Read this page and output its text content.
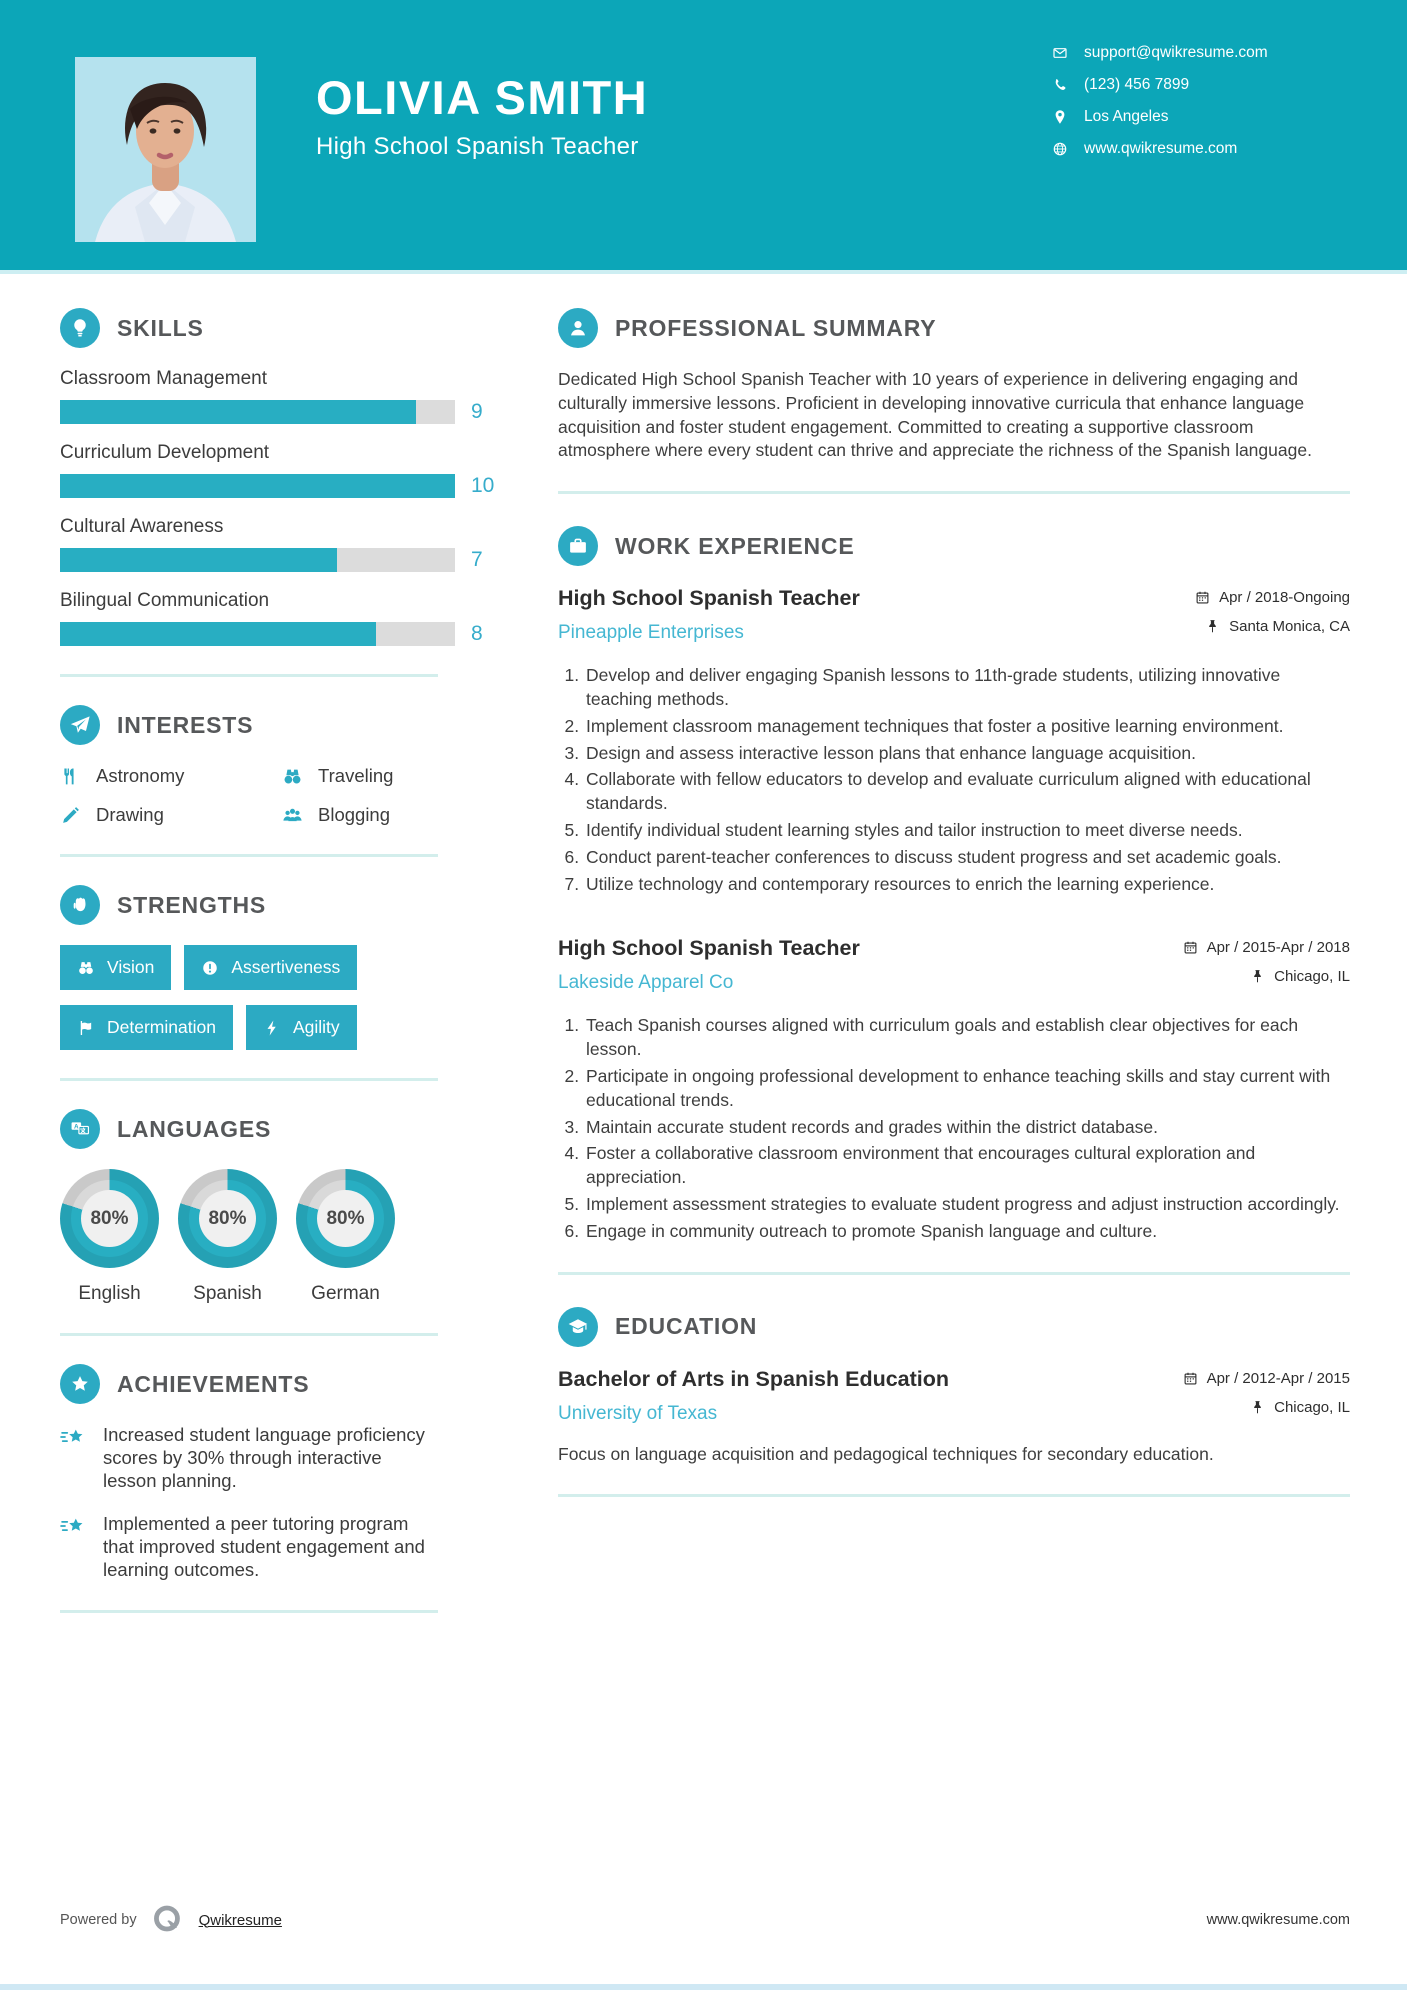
OLIVIA SMITH
High School Spanish Teacher
support@qwikresume.com
(123) 456 7899
Los Angeles
www.qwikresume.com
SKILLS
Classroom Management
9
Curriculum Development
10
Cultural Awareness
7
Bilingual Communication
8
INTERESTS
Astronomy	Traveling
Drawing	Blogging
STRENGTHS
Vision	Assertiveness
Determination	Agility
A LANGUAGES
80%
English
80%
Spanish
80%
German
ACHIEVEMENTS
Increased student language proficiency scores by 30% through interactive lesson planning.
Implemented a peer tutoring program that improved student engagement and learning outcomes.
PROFESSIONAL SUMMARY

Dedicated High School Spanish Teacher with 10 years of experience in delivering engaging and culturally immersive lessons. Proficient in developing innovative curricula that enhance language acquisition and foster student engagement. Committed to creating a supportive classroom atmosphere where every student can thrive and appreciate the richness of the Spanish language.

WORK EXPERIENCE
High School Spanish Teacher
Pineapple Enterprises
Apr / 2018-Ongoing
Santa Monica, CA
1. Develop and deliver engaging Spanish lessons to 11th-grade students, utilizing innovative teaching methods.
2. Implement classroom management techniques that foster a positive learning environment.
3. Design and assess interactive lesson plans that enhance language acquisition.
4. Collaborate with fellow educators to develop and evaluate curriculum aligned with educational standards.
5. Identify individual student learning styles and tailor instruction to meet diverse needs.
6. Conduct parent-teacher conferences to discuss student progress and set academic goals.
7. Utilize technology and contemporary resources to enrich the learning experience.
High School Spanish Teacher
Lakeside Apparel Co
Apr / 2015-Apr / 2018
Chicago, IL
1. Teach Spanish courses aligned with curriculum goals and establish clear objectives for each lesson.
2. Participate in ongoing professional development to enhance teaching skills and stay current with educational trends.
3. Maintain accurate student records and grades within the district database.
4. Foster a collaborative classroom environment that encourages cultural exploration and appreciation.
5. Implement assessment strategies to evaluate student progress and adjust instruction accordingly.
6. Engage in community outreach to promote Spanish language and culture.
EDUCATION
Bachelor of Arts in Spanish Education
University of Texas
Apr / 2012-Apr / 2015
Chicago, IL
Focus on language acquisition and pedagogical techniques for secondary education.
Powered by	Qwikresume	www.qwikresume.com
